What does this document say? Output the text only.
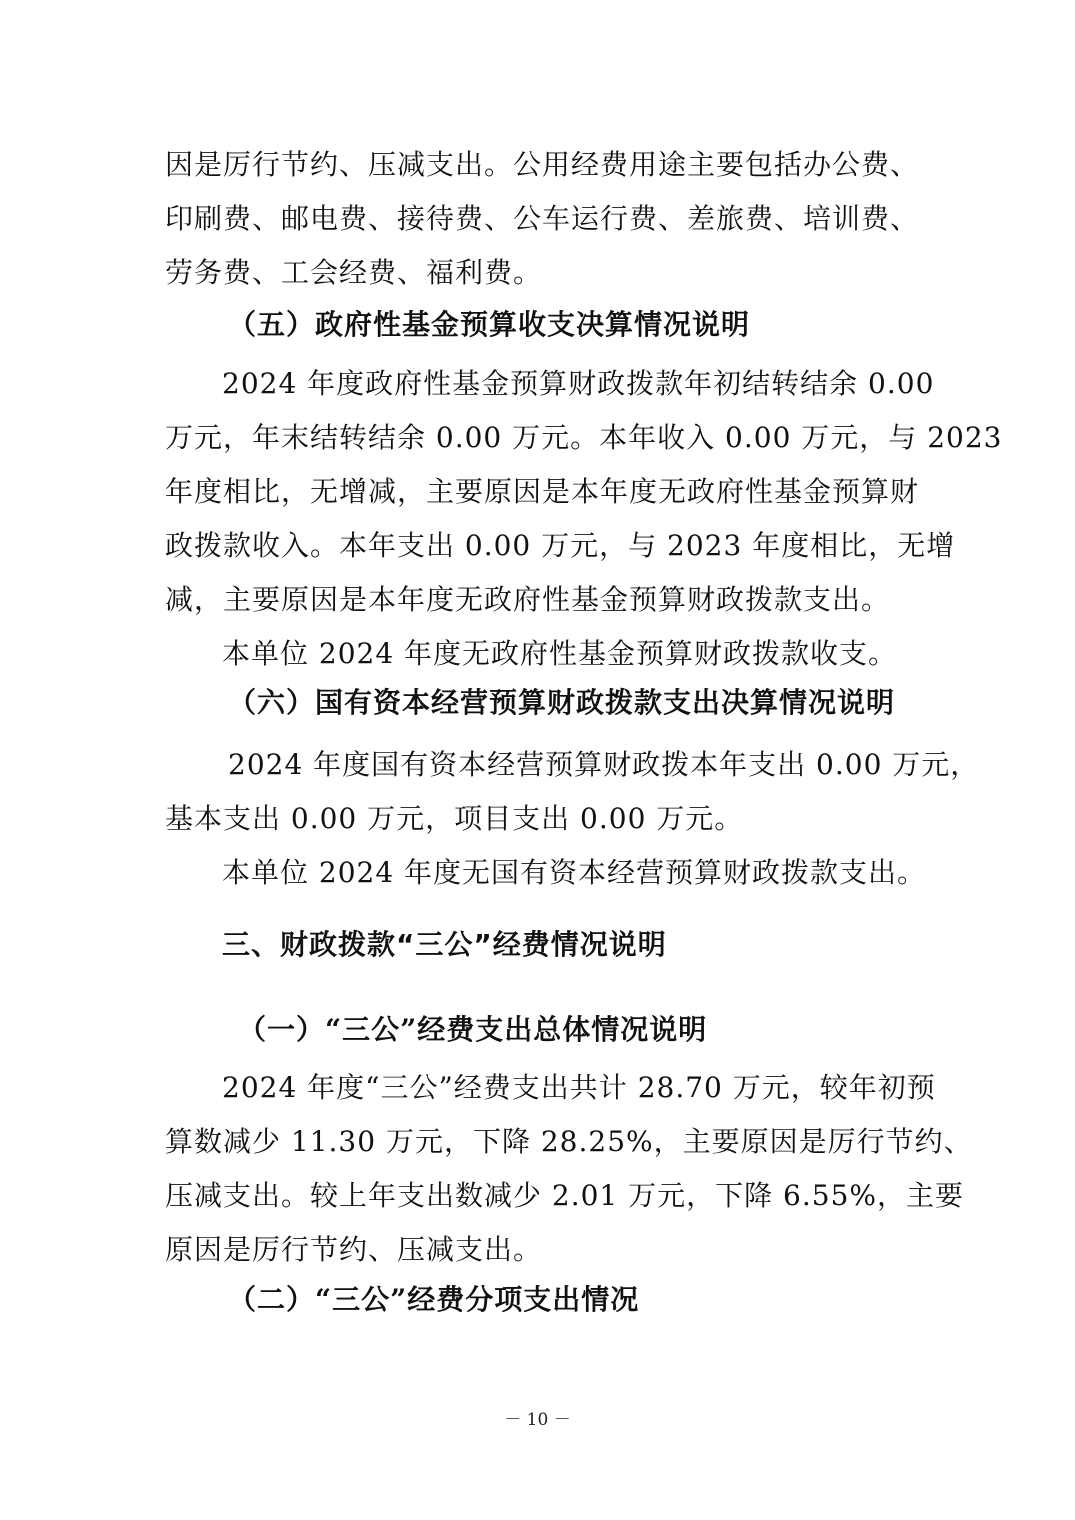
因是厉行节约、压减支出。公用经费用途主要包括办公费、
印刷费、邮电费、接待费、公车运行费、差旅费、培训费、
劳务费、工会经费、福利费。
（五）政府性基金预算收支决算情况说明
2024 年度政府性基金预算财政拨款年初结转结余 0.00
万元，年末结转结余 0.00 万元。本年收入 0.00 万元，与 2023
年度相比，无增减，主要原因是本年度无政府性基金预算财
政拨款收入。本年支出 0.00 万元，与 2023 年度相比，无增
减，主要原因是本年度无政府性基金预算财政拨款支出。
本单位 2024 年度无政府性基金预算财政拨款收支。
（六）国有资本经营预算财政拨款支出决算情况说明
2024 年度国有资本经营预算财政拨本年支出 0.00 万元，
基本支出 0.00 万元，项目支出 0.00 万元。
本单位 2024 年度无国有资本经营预算财政拨款支出。
三、财政拨款“三公”经费情况说明
（一）“三公”经费支出总体情况说明
2024 年度“三公”经费支出共计 28.70 万元，较年初预
算数减少 11.30 万元，下降 28.25%，主要原因是厉行节约、
压减支出。较上年支出数减少 2.01 万元，下降 6.55%，主要
原因是厉行节约、压减支出。
（二）“三公”经费分项支出情况
－ 10 －
